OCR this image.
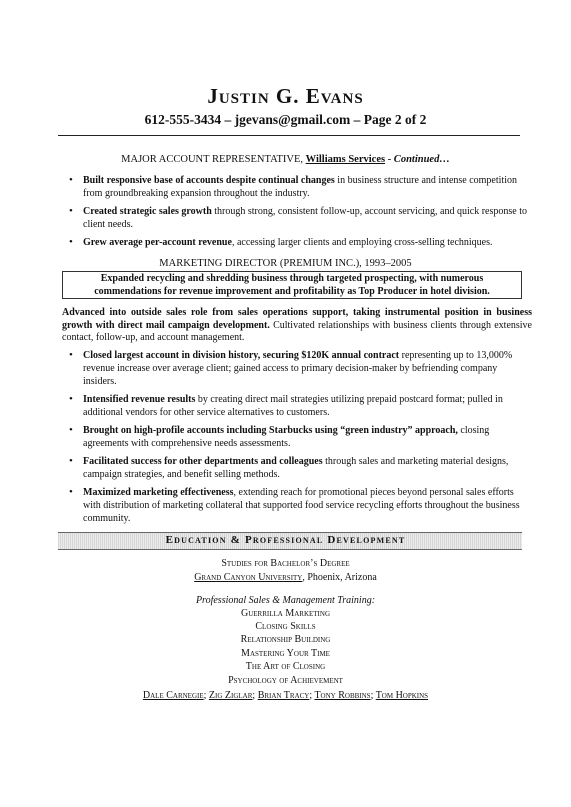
Justin G. Evans
612-555-3434 – jgevans@gmail.com – Page 2 of 2
MAJOR ACCOUNT REPRESENTATIVE, Williams Services - Continued…
• Built responsive base of accounts despite continual changes in business structure and intense competition from groundbreaking expansion throughout the industry.
• Created strategic sales growth through strong, consistent follow-up, account servicing, and quick response to client needs.
• Grew average per-account revenue, accessing larger clients and employing cross-selling techniques.
MARKETING DIRECTOR (PREMIUM INC.), 1993–2005
Expanded recycling and shredding business through targeted prospecting, with numerous
commendations for revenue improvement and profitability as Top Producer in hotel division.
Advanced into outside sales role from sales operations support, taking instrumental position in business growth with direct mail campaign development. Cultivated relationships with business clients through extensive contact, follow-up, and account management.
• Closed largest account in division history, securing $120K annual contract representing up to 13,000% revenue increase over average client; gained access to primary decision-maker by befriending company insiders.
• Intensified revenue results by creating direct mail strategies utilizing prepaid postcard format; pulled in additional vendors for other service alternatives to customers.
• Brought on high-profile accounts including Starbucks using “green industry” approach, closing agreements with comprehensive needs assessments.
• Facilitated success for other departments and colleagues through sales and marketing material designs, campaign strategies, and benefit selling methods.
• Maximized marketing effectiveness, extending reach for promotional pieces beyond personal sales efforts with distribution of marketing collateral that supported food service recycling efforts throughout the business community.
Education & Professional Development
Studies for Bachelor’s Degree
Grand Canyon University, Phoenix, Arizona
Professional Sales & Management Training:
Guerrilla Marketing
Closing Skills
Relationship Building
Mastering Your Time
The Art of Closing
Psychology of Achievement
Dale Carnegie; Zig Ziglar; Brian Tracy; Tony Robbins; Tom Hopkins
